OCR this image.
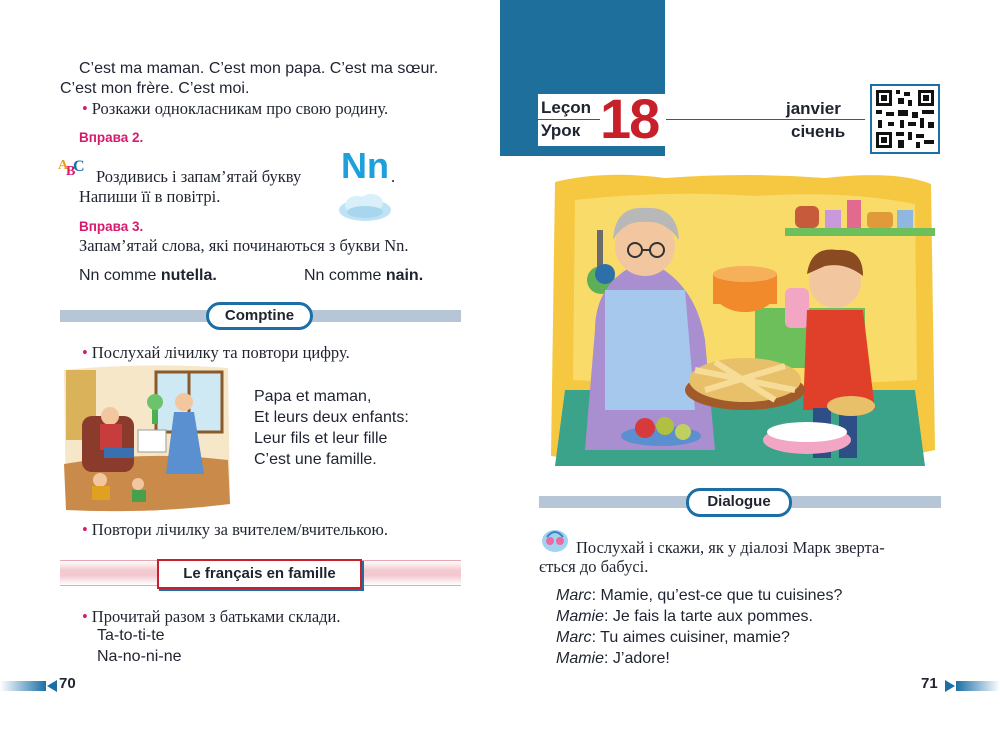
C’est ma maman. C’est mon papa. C’est ma sœur.
C’est mon frère. C’est moi.
• Розкажи однокласникам про свою родину.
Вправа 2.
A
B
C
Роздивись і запам’ятай букву Nn .
Напиши її в повітрі.
Вправа 3.
Запам’ятай слова, які починаються з букви Nn.
Nn comme nutella.	Nn comme nain.
Comptine
• Послухай лічилку та повтори цифру.
Papa et maman,
Et leurs deux enfants:
Leur fils et leur fille
C’est une famille.
• Повтори лічилку за вчителем/вчителькою.
Le français en famille
• Прочитай разом з батьками склади.
Ta-to-ti-te
Na-no-ni-ne
70
Leçon
Урок 18	janvier
січень
Dialogue
Послухай і скажи, як у діалозі Марк зверта-
ється до бабусі.
Marc: Mamie, qu’est-ce que tu cuisines?
Mamie: Je fais la tarte aux pommes.
Marc: Tu aimes cuisiner, mamie?
Mamie: J’adore!
71
